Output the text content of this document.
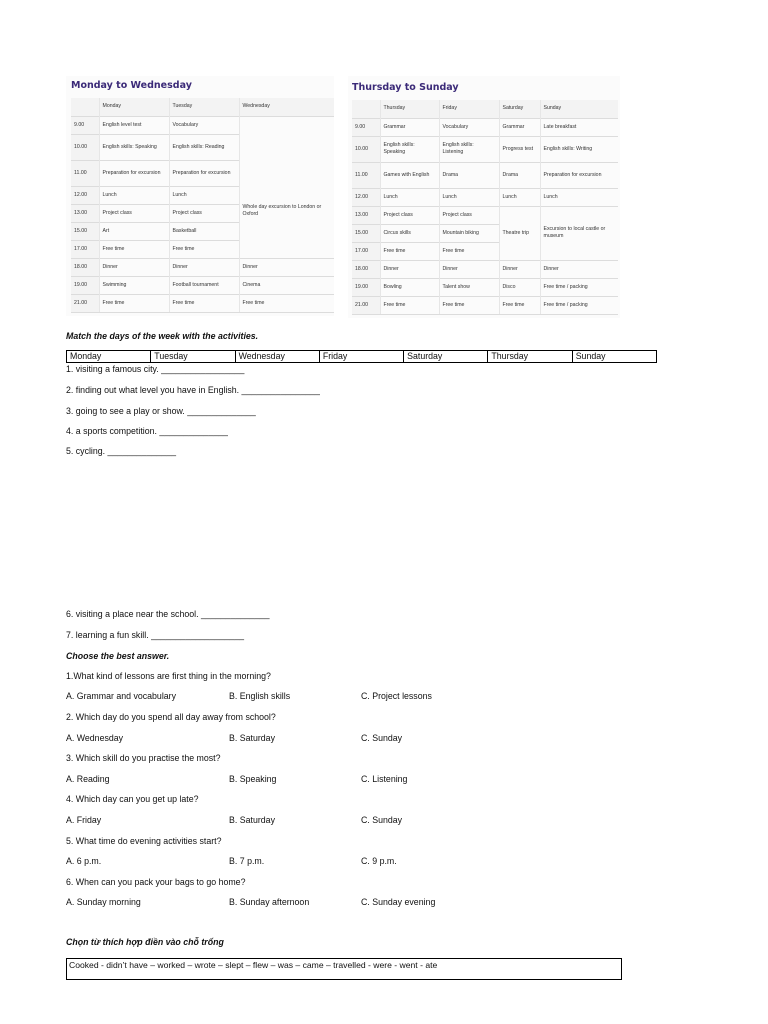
Monday to Wednesday
	Monday	Tuesday	Wednesday
9.00	English level test	Vocabulary	Whole day excursion to London or Oxford
10.00	English skills: Speaking	English skills: Reading	
11.00	Preparation for excursion	Preparation for excursion	
12.00	Lunch	Lunch	
13.00	Project class	Project class	
15.00	Art	Basketball	
17.00	Free time	Free time	
18.00	Dinner	Dinner	Dinner
19.00	Swimming	Football tournament	Cinema
21.00	Free time	Free time	Free time
Thursday to Sunday
	Thursday	Friday	Saturday	Sunday
9.00	Grammar	Vocabulary	Grammar	Late breakfast
10.00	English skills: Speaking	English skills: Listening	Progress test	English skills: Writing
11.00	Games with English	Drama	Drama	Preparation for excursion
12.00	Lunch	Lunch	Lunch	Lunch
13.00	Project class	Project class	Theatre trip	Excursion to local castle or museum
15.00	Circus skills	Mountain biking		
17.00	Free time	Free time		
18.00	Dinner	Dinner	Dinner	Dinner
19.00	Bowling	Talent show	Disco	Free time / packing
21.00	Free time	Free time	Free time	Free time / packing
Match the days of the week with the activities.
Monday	Tuesday	Wednesday	Friday	Saturday	Thursday	Sunday
1. visiting a famous city. _________________
2. finding out what level you have in English. ________________
3. going to see a play or show. ______________
4. a sports competition. ______________
5. cycling. ______________
6. visiting a place near the school. ______________
7. learning a fun skill. ___________________
Choose the best answer.
1.What kind of lessons are first thing in the morning?
A. Grammar and vocabulary	B. English skills	C. Project lessons
2. Which day do you spend all day away from school?
A. Wednesday	B. Saturday	C. Sunday
3. Which skill do you practise the most?
A. Reading	B. Speaking	C. Listening
4. Which day can you get up late?
A. Friday	B. Saturday	C. Sunday
5. What time do evening activities start?
A. 6 p.m.	B. 7 p.m.	C. 9 p.m.
6. When can you pack your bags to go home?
A. Sunday morning	B. Sunday afternoon	C. Sunday evening
Chọn từ thích hợp điền vào chỗ trống
Cooked - didn’t have – worked – wrote – slept – flew – was – came – travelled - were - went - ate
